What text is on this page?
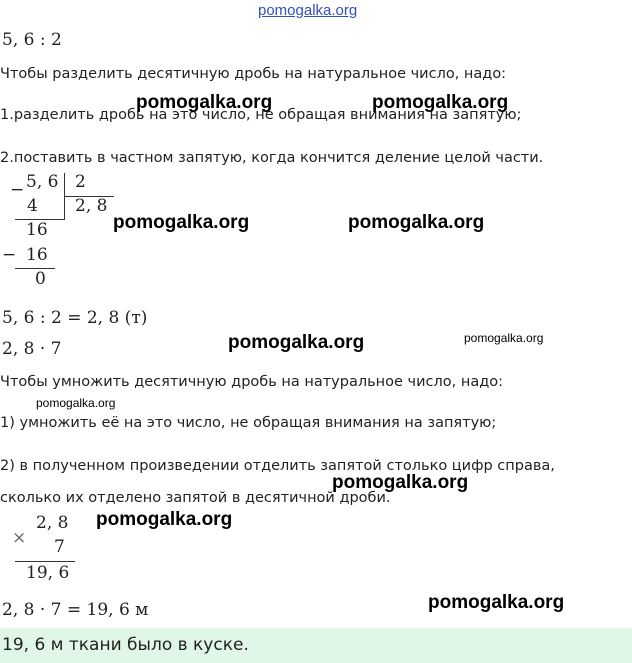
pomogalka.org
5, 6 : 2
Чтобы разделить десятичную дробь на натуральное число, надо:
1.разделить дробь на это число, не обращая внимания на запятую;
2.поставить в частном запятую, когда кончится деление целой части.
− 5, 6 2
4 2, 8
16
− 16
0
5, 6 : 2 = 2, 8 (т)
2, 8 · 7
Чтобы умножить десятичную дробь на натуральное число, надо:
1) умножить её на это число, не обращая внимания на запятую;
2) в полученном произведении отделить запятой столько цифр справа,
сколько их отделено запятой в десятичной дроби.
×
2, 8
7
19, 6
2, 8 · 7 = 19, 6 м
19, 6 м ткани было в куске.
pomogalka.org	pomogalka.org
pomogalka.org	pomogalka.org
pomogalka.org	pomogalka.org
pomogalka.org
pomogalka.org
pomogalka.org
pomogalka.org
